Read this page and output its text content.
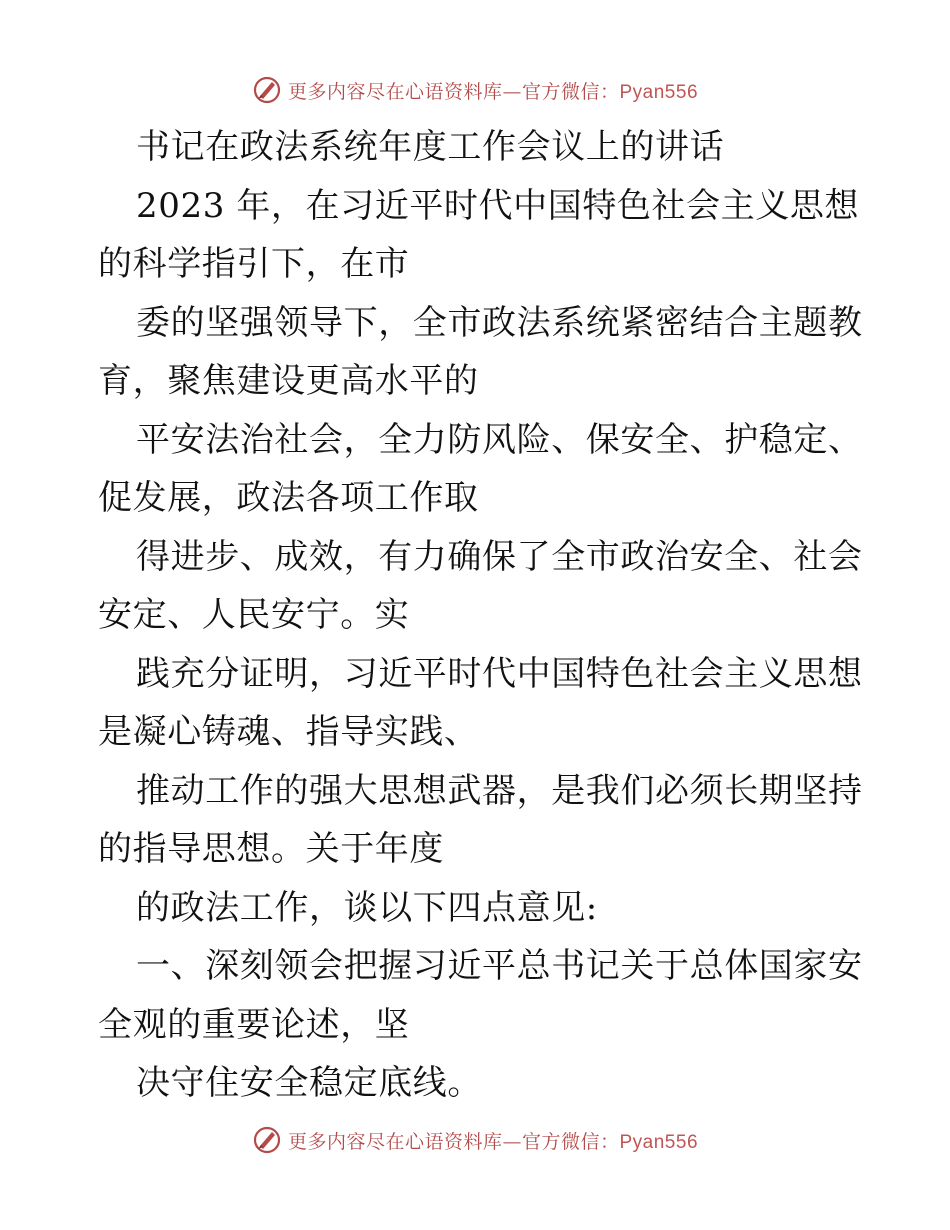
更多内容尽在心语资料库—官方微信：Pyan556
书记在政法系统年度工作会议上的讲话
2023 年，在习近平时代中国特色社会主义思想
的科学指引下，在市
委的坚强领导下，全市政法系统紧密结合主题教
育，聚焦建设更高水平的
平安法治社会，全力防风险、保安全、护稳定、
促发展，政法各项工作取
得进步、成效，有力确保了全市政治安全、社会
安定、人民安宁。实
践充分证明，习近平时代中国特色社会主义思想
是凝心铸魂、指导实践、
推动工作的强大思想武器，是我们必须长期坚持
的指导思想。关于年度
的政法工作，谈以下四点意见:
一、深刻领会把握习近平总书记关于总体国家安
全观的重要论述，坚
决守住安全稳定底线。
更多内容尽在心语资料库—官方微信：Pyan556
